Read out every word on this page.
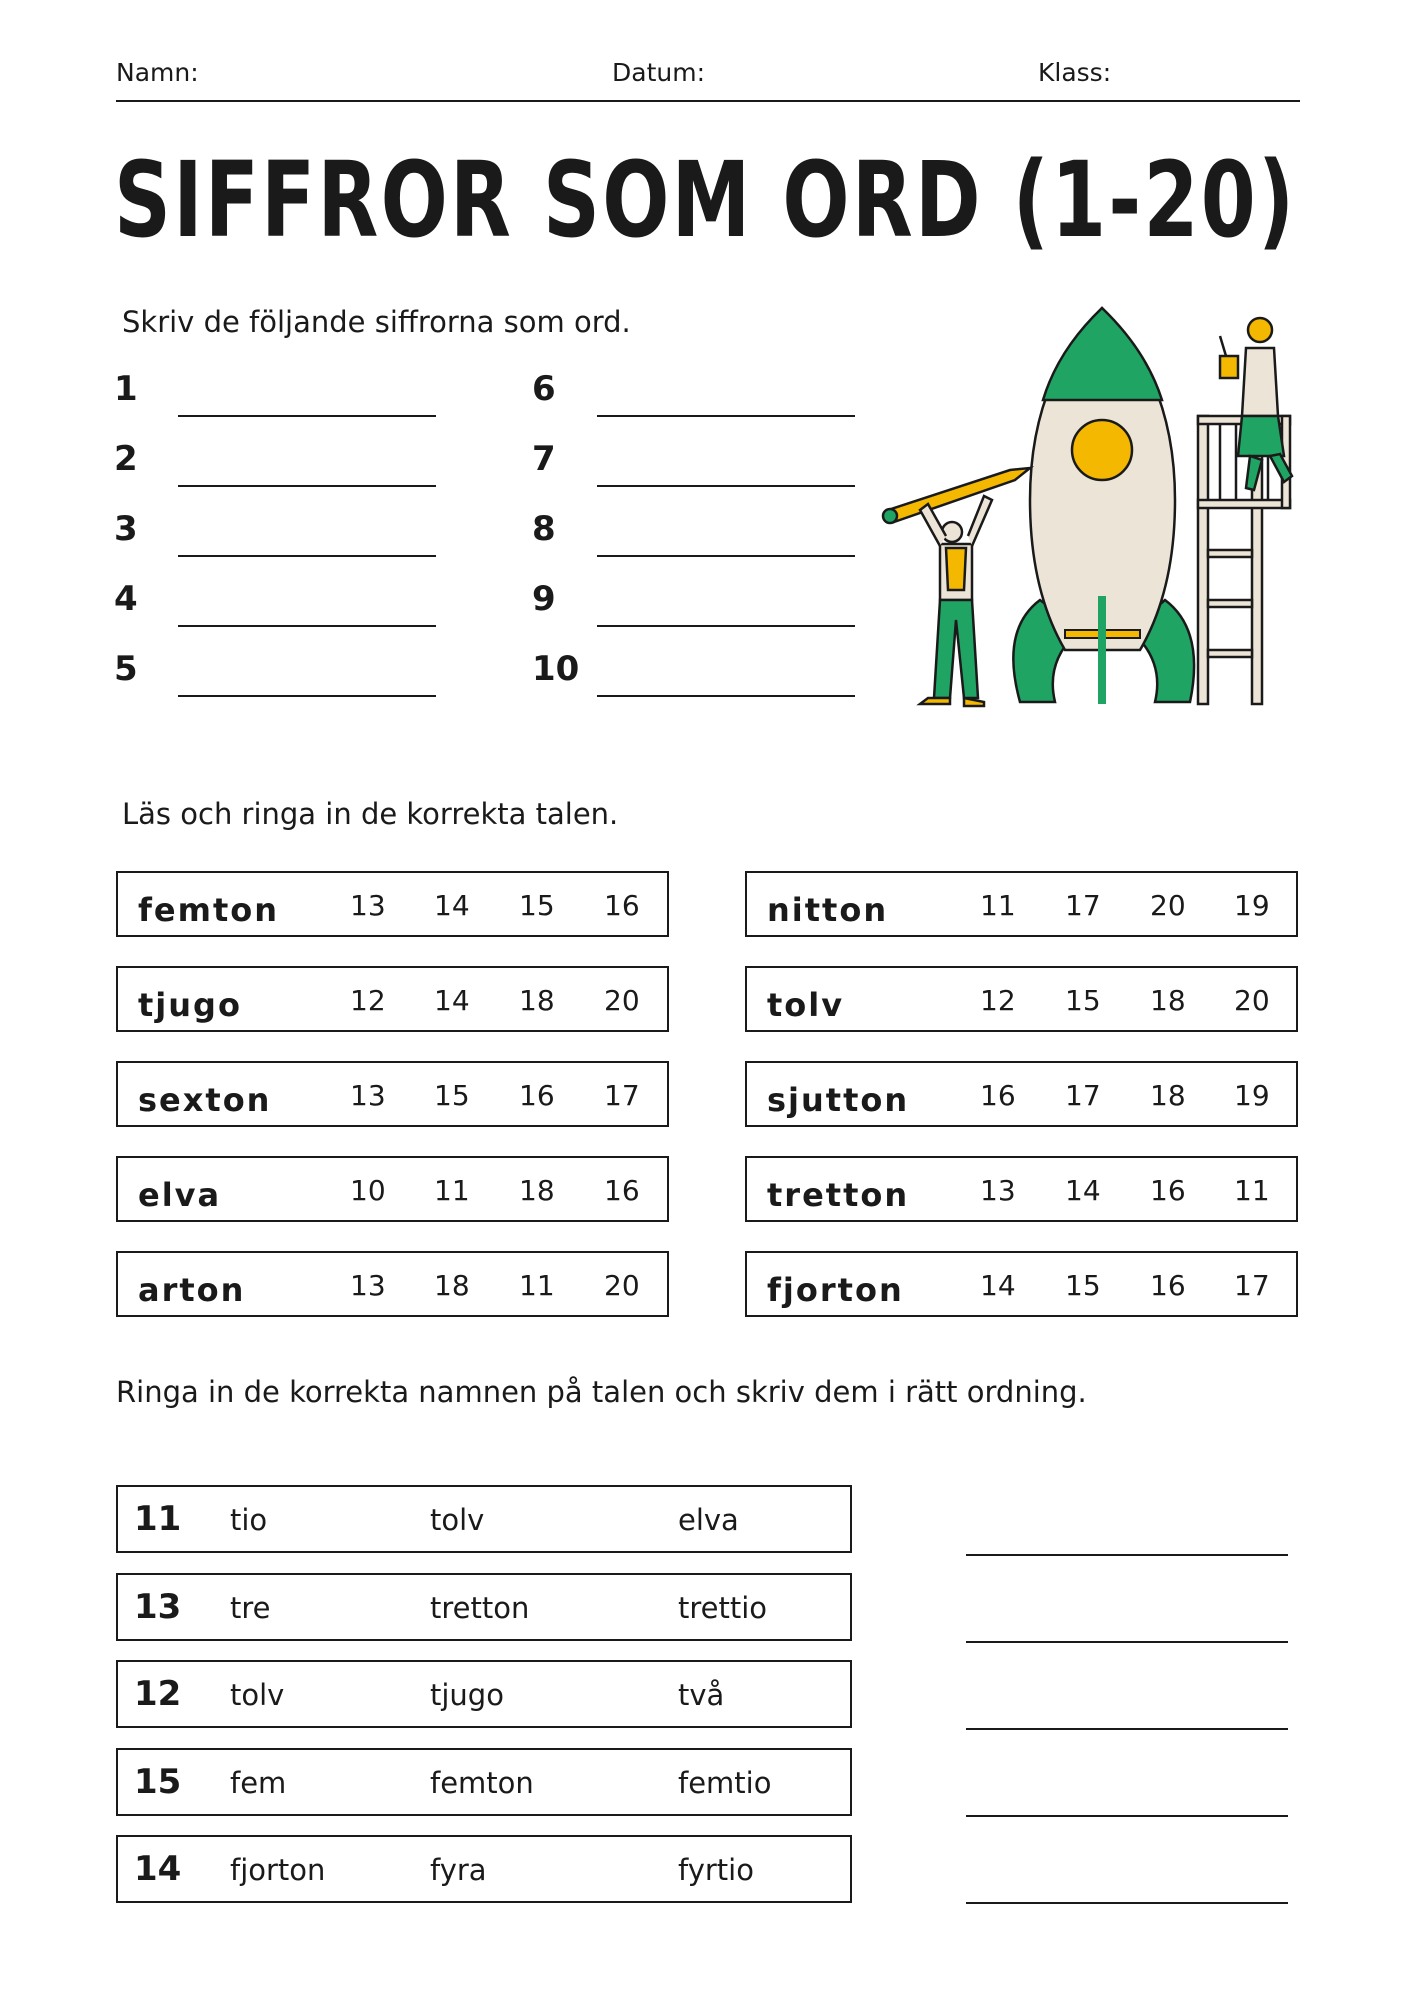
Namn:	Datum:	Klass:
SIFFROR SOM ORD (1-20)
Skriv de följande siffrorna som ord.
1
2
3
4
5
6
7
8
9
10
Läs och ringa in de korrekta talen.
femton	13 14 15 16
tjugo	12 14 18 20
sexton	13 15 16 17
elva	10 11 18 16
arton	13 18 11 20
nitton	11 17 20 19
tolv	12 15 18 20
sjutton	16 17 18 19
tretton	13 14 16 11
fjorton	14 15 16 17
Ringa in de korrekta namnen på talen och skriv dem i rätt ordning.
11 tio	tolv	elva
13 tre	tretton	trettio
12 tolv	tjugo	två
15 fem	femton	femtio
14 fjorton	fyra	fyrtio
